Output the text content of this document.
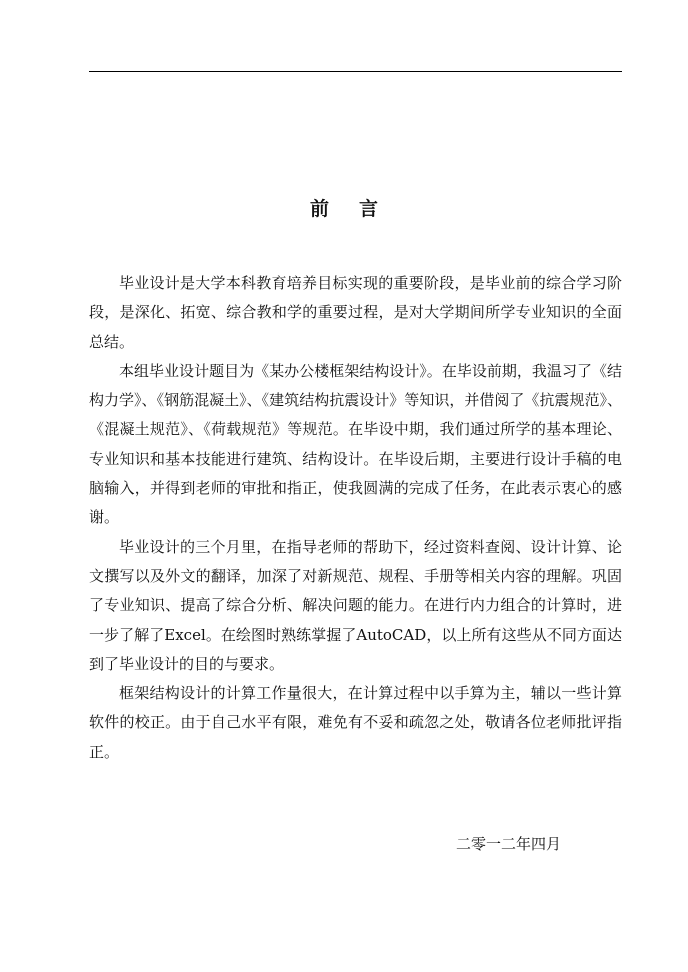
前言

毕业设计是大学本科教育培养目标实现的重要阶段，是毕业前的综合学习阶段，是深化、拓宽、综合教和学的重要过程，是对大学期间所学专业知识的全面总结。

本组毕业设计题目为《某办公楼框架结构设计》。在毕设前期，我温习了《结构力学》、《钢筋混凝土》、《建筑结构抗震设计》等知识，并借阅了《抗震规范》、《混凝土规范》、《荷载规范》等规范。在毕设中期，我们通过所学的基本理论、专业知识和基本技能进行建筑、结构设计。在毕设后期，主要进行设计手稿的电脑输入，并得到老师的审批和指正，使我圆满的完成了任务，在此表示衷心的感谢。

毕业设计的三个月里，在指导老师的帮助下，经过资料查阅、设计计算、论文撰写以及外文的翻译，加深了对新规范、规程、手册等相关内容的理解。巩固了专业知识、提高了综合分析、解决问题的能力。在进行内力组合的计算时，进一步了解了Excel。在绘图时熟练掌握了AutoCAD，以上所有这些从不同方面达到了毕业设计的目的与要求。

框架结构设计的计算工作量很大，在计算过程中以手算为主，辅以一些计算软件的校正。由于自己水平有限，难免有不妥和疏忽之处，敬请各位老师批评指正。

二零一二年四月
